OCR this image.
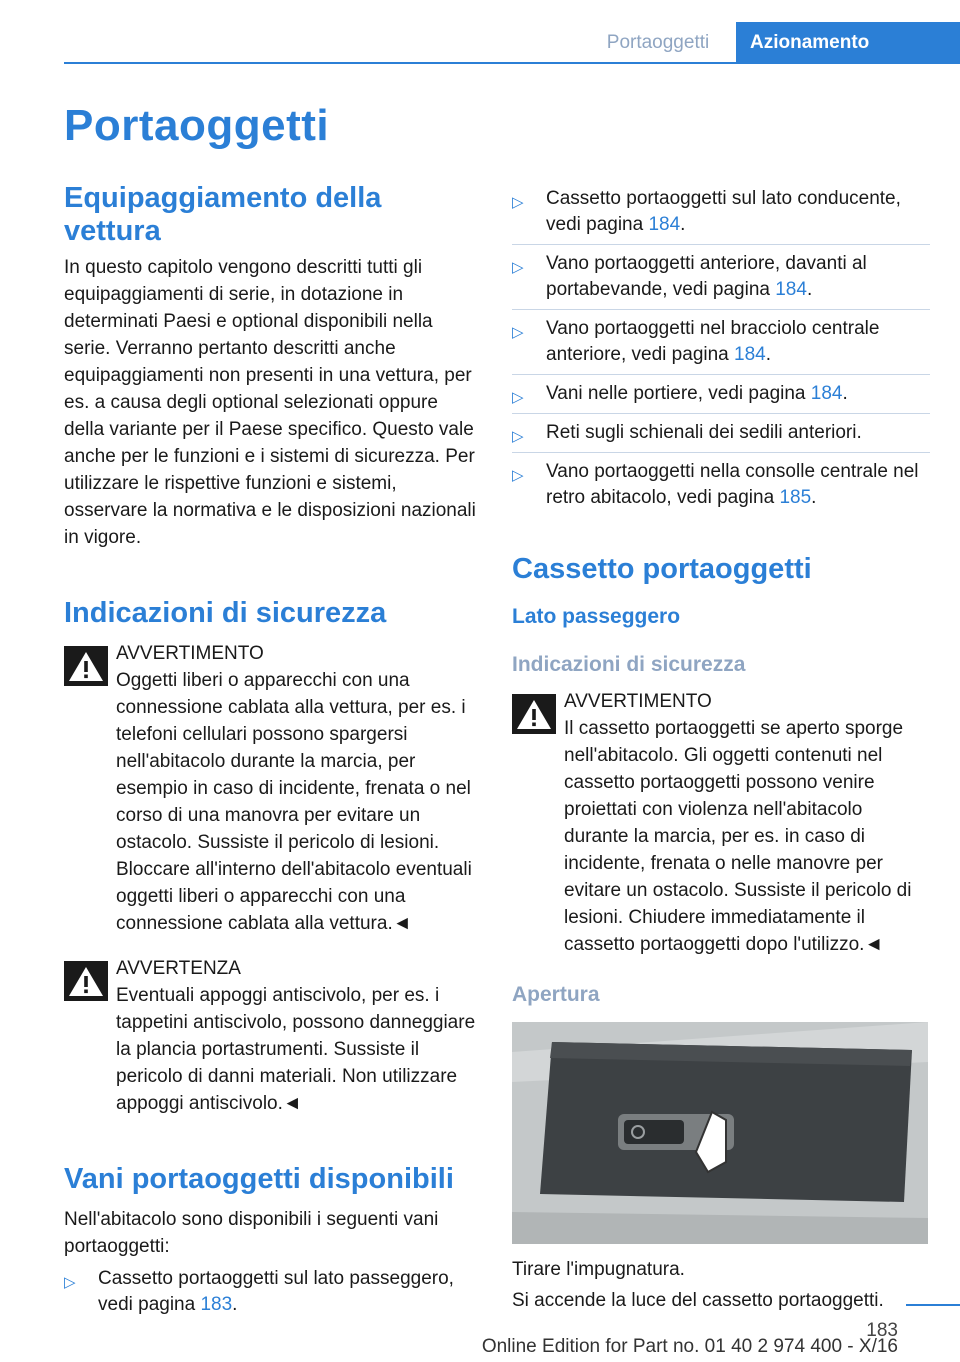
Portaoggetti	Azionamento
Portaoggetti
Equipaggiamento della vettura

In questo capitolo vengono descritti tutti gli equipaggiamenti di serie, in dotazione in determinati Paesi e optional disponibili nella serie. Verranno pertanto descritti anche equipaggiamenti non presenti in una vettura, per es. a causa degli optional selezionati oppure della variante per il Paese specifico. Questo vale anche per le funzioni e i sistemi di sicurezza. Per utilizzare le rispettive funzioni e sistemi, osservare la normativa e le disposizioni nazionali in vigore.

Indicazioni di sicurezza
AVVERTIMENTO

Oggetti liberi o apparecchi con una connessione cablata alla vettura, per es. i telefoni cellulari possono spargersi nell'abitacolo durante la marcia, per esempio in caso di incidente, frenata o nel corso di una manovra per evitare un ostacolo. Sussiste il pericolo di lesioni. Bloccare all'interno dell'abitacolo eventuali oggetti liberi o apparecchi con una connessione cablata alla vettura.◄

AVVERTENZA

Eventuali appoggi antiscivolo, per es. i tappetini antiscivolo, possono danneggiare la plancia portastrumenti. Sussiste il pericolo di danni materiali. Non utilizzare appoggi antiscivolo.◄

Vani portaoggetti disponibili

Nell'abitacolo sono disponibili i seguenti vani portaoggetti:

▷ Cassetto portaoggetti sul lato passeggero, vedi pagina 183.
▷ Cassetto portaoggetti sul lato conducente, vedi pagina 184.
▷ Vano portaoggetti anteriore, davanti al portabevande, vedi pagina 184.
▷ Vano portaoggetti nel bracciolo centrale anteriore, vedi pagina 184.
▷ Vani nelle portiere, vedi pagina 184.
▷ Reti sugli schienali dei sedili anteriori.
▷ Vano portaoggetti nella consolle centrale nel retro abitacolo, vedi pagina 185.
Cassetto portaoggetti
Lato passeggero
Indicazioni di sicurezza
AVVERTIMENTO

Il cassetto portaoggetti se aperto sporge nell'abitacolo. Gli oggetti contenuti nel cassetto portaoggetti possono venire proiettati con violenza nell'abitacolo durante la marcia, per es. in caso di incidente, frenata o nelle manovre per evitare un ostacolo. Sussiste il pericolo di lesioni. Chiudere immediatamente il cassetto portaoggetti dopo l'utilizzo.◄

Apertura

Tirare l'impugnatura.

Si accende la luce del cassetto portaoggetti.

183
Online Edition for Part no. 01 40 2 974 400 - X/16
